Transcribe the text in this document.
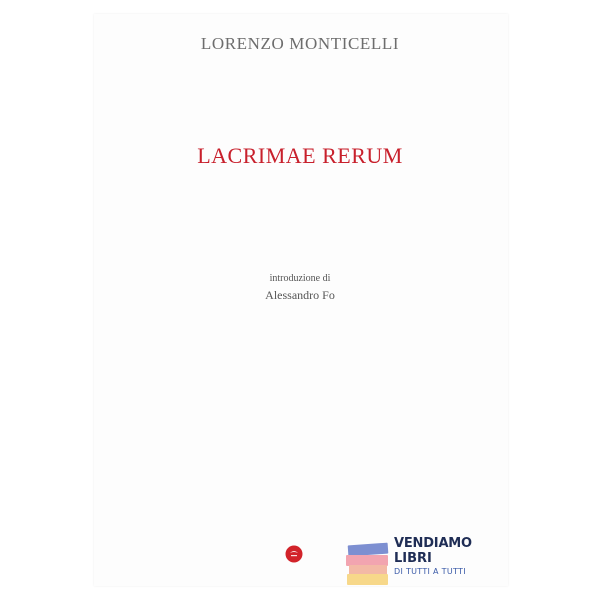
LORENZO MONTICELLI
LACRIMAE RERUM
introduzione di
Alessandro Fo
VENDIAMO
LIBRI
DI TUTTI A TUTTI
